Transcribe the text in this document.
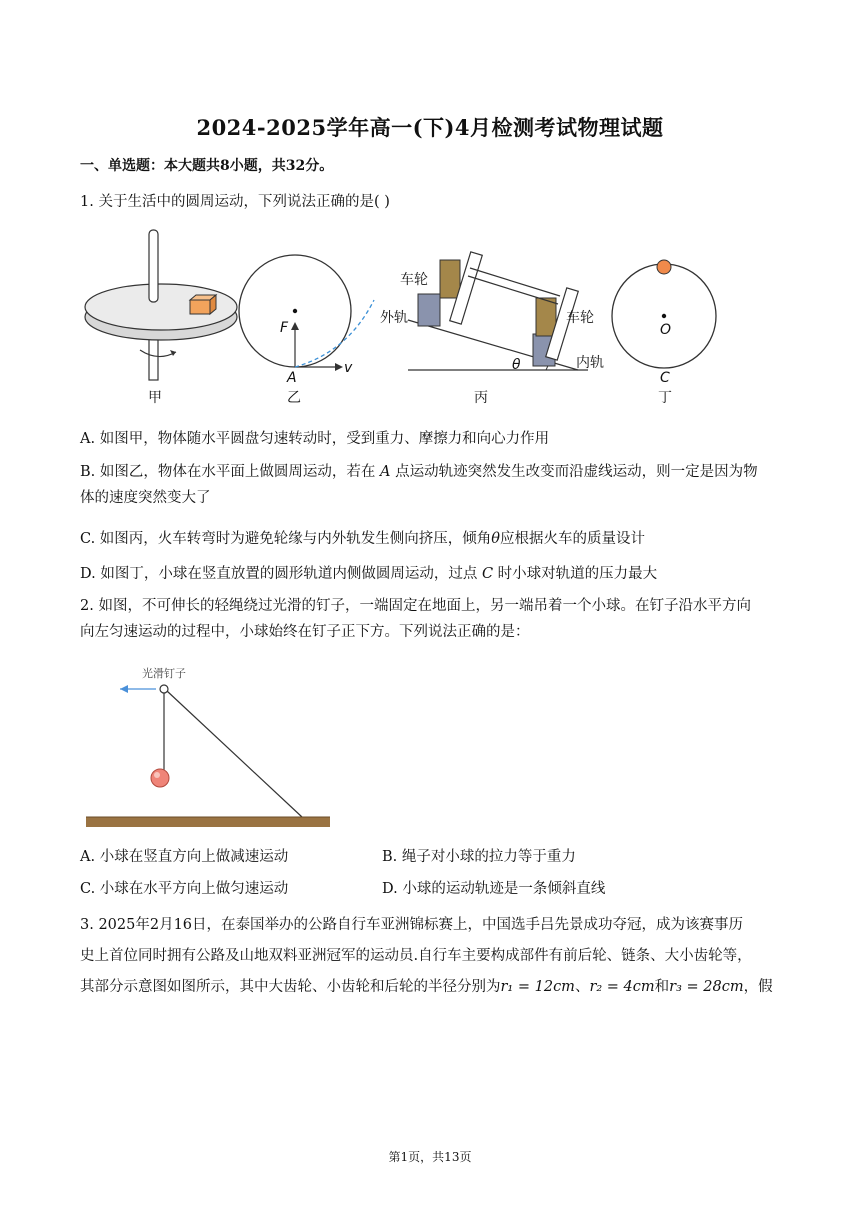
2024-2025学年高一(下)4月检测考试物理试题
一、单选题：本大题共8小题，共32分。
1. 关于生活中的圆周运动，下列说法正确的是( )
甲
F
A
v
乙
车轮
外轨	车轮
θ	内轨
丙
O
C
丁
A. 如图甲，物体随水平圆盘匀速转动时，受到重力、摩擦力和向心力作用
B. 如图乙，物体在水平面上做圆周运动，若在 A 点运动轨迹突然发生改变而沿虚线运动，则一定是因为物
体的速度突然变大了
C. 如图丙，火车转弯时为避免轮缘与内外轨发生侧向挤压，倾角θ应根据火车的质量设计
D. 如图丁，小球在竖直放置的圆形轨道内侧做圆周运动，过点 C 时小球对轨道的压力最大
2. 如图，不可伸长的轻绳绕过光滑的钉子，一端固定在地面上，另一端吊着一个小球。在钉子沿水平方向
向左匀速运动的过程中，小球始终在钉子正下方。下列说法正确的是：
光滑钉子
A. 小球在竖直方向上做减速运动	B. 绳子对小球的拉力等于重力
C. 小球在水平方向上做匀速运动	D. 小球的运动轨迹是一条倾斜直线
3. 2025年2月16日，在泰国举办的公路自行车亚洲锦标赛上，中国选手吕先景成功夺冠，成为该赛事历
史上首位同时拥有公路及山地双料亚洲冠军的运动员.自行车主要构成部件有前后轮、链条、大小齿轮等，
其部分示意图如图所示，其中大齿轮、小齿轮和后轮的半径分别为r₁ = 12cm、r₂ = 4cm和r₃ = 28cm，假
第1页，共13页
